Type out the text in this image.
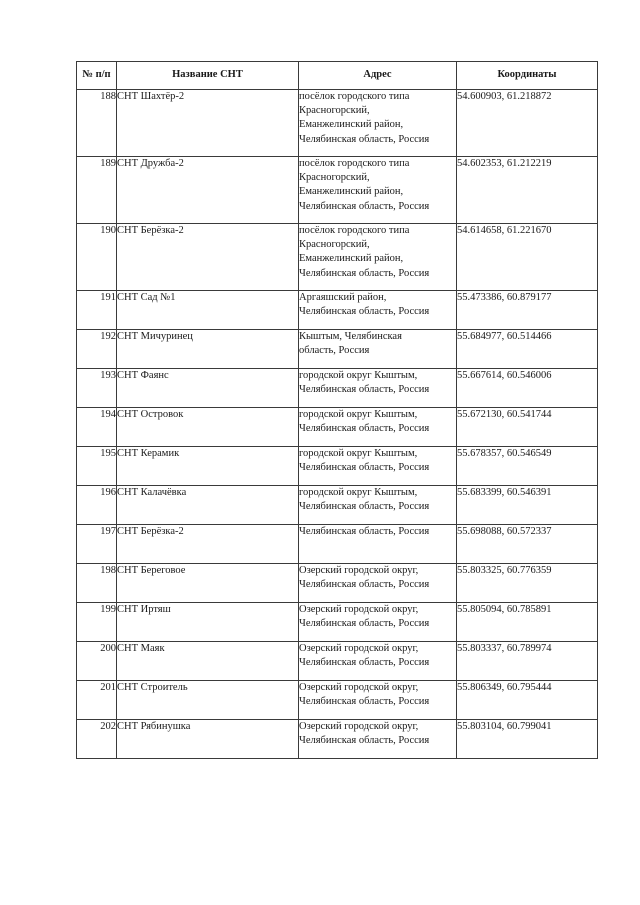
№ п/п	Название СНТ	Адрес	Координаты
188	СНТ Шахтёр-2	посёлок городского типа
Красногорский,
Еманжелинский район,
Челябинская область, Россия	54.600903, 61.218872
189	СНТ Дружба-2	посёлок городского типа
Красногорский,
Еманжелинский район,
Челябинская область, Россия	54.602353, 61.212219
190	СНТ Берёзка-2	посёлок городского типа
Красногорский,
Еманжелинский район,
Челябинская область, Россия	54.614658, 61.221670
191	СНТ Сад №1	Аргаяшский район,
Челябинская область, Россия	55.473386, 60.879177
192	СНТ Мичуринец	Кыштым, Челябинская
область, Россия	55.684977, 60.514466
193	СНТ Фаянс	городской округ Кыштым,
Челябинская область, Россия	55.667614, 60.546006
194	СНТ Островок	городской округ Кыштым,
Челябинская область, Россия	55.672130, 60.541744
195	СНТ Керамик	городской округ Кыштым,
Челябинская область, Россия	55.678357, 60.546549
196	СНТ Калачёвка	городской округ Кыштым,
Челябинская область, Россия	55.683399, 60.546391
197	СНТ Берёзка-2	Челябинская область, Россия	55.698088, 60.572337
198	СНТ Береговое	Озерский городской округ,
Челябинская область, Россия	55.803325, 60.776359
199	СНТ Иртяш	Озерский городской округ,
Челябинская область, Россия	55.805094, 60.785891
200	СНТ Маяк	Озерский городской округ,
Челябинская область, Россия	55.803337, 60.789974
201	СНТ Строитель	Озерский городской округ,
Челябинская область, Россия	55.806349, 60.795444
202	СНТ Рябинушка	Озерский городской округ,
Челябинская область, Россия	55.803104, 60.799041
